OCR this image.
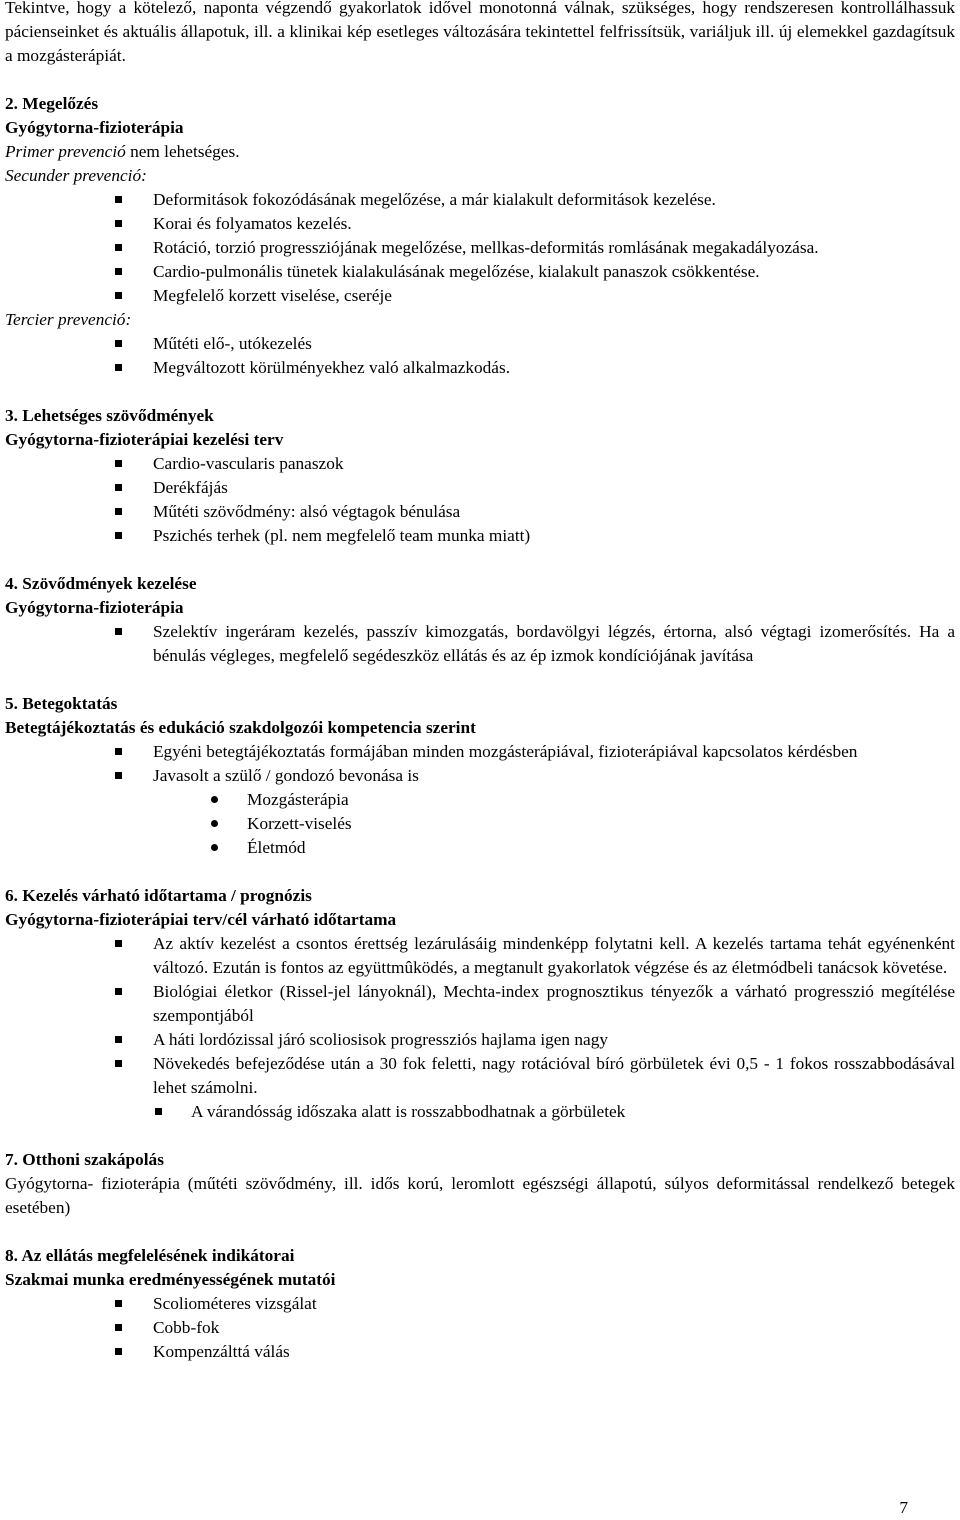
Tekintve, hogy a kötelező, naponta végzendő gyakorlatok idővel monotonná válnak, szükséges, hogy rendszeresen kontrollálhassuk pácienseinket és aktuális állapotuk, ill. a klinikai kép esetleges változására tekintettel felfrissítsük, variáljuk ill. új elemekkel gazdagítsuk a mozgásterápiát.

2. Megelőzés

Gyógytorna-fizioterápia

Primer prevenció nem lehetséges.

Secunder prevenció:

Deformitások fokozódásának megelőzése, a már kialakult deformitások kezelése.
Korai és folyamatos kezelés.
Rotáció, torzió progressziójának megelőzése, mellkas-deformitás romlásának megakadályozása.
Cardio-pulmonális tünetek kialakulásának megelőzése, kialakult panaszok csökkentése.
Megfelelő korzett viselése, cseréje

Tercier prevenció:

Műtéti elő-, utókezelés
Megváltozott körülményekhez való alkalmazkodás.

3. Lehetséges szövődmények

Gyógytorna-fizioterápiai kezelési terv

Cardio-vascularis panaszok
Derékfájás
Műtéti szövődmény: alsó végtagok bénulása
Pszichés terhek (pl. nem megfelelő team munka miatt)

4. Szövődmények kezelése

Gyógytorna-fizioterápia

Szelektív ingeráram kezelés, passzív kimozgatás, bordavölgyi légzés, értorna, alsó végtagi izomerősítés. Ha a bénulás végleges, megfelelő segédeszköz ellátás és az ép izmok kondíciójának javítása

5. Betegoktatás

Betegtájékoztatás és edukáció szakdolgozói kompetencia szerint

Egyéni betegtájékoztatás formájában minden mozgásterápiával, fizioterápiával kapcsolatos kérdésben
Javasolt a szülő / gondozó bevonása is
Mozgásterápia
Korzett-viselés
Életmód

6. Kezelés várható időtartama / prognózis

Gyógytorna-fizioterápiai terv/cél várható időtartama

Az aktív kezelést a csontos érettség lezárulásáig mindenképp folytatni kell. A kezelés tartama tehát egyénenként változó. Ezután is fontos az együttmûködés, a megtanult gyakorlatok végzése és az életmódbeli tanácsok követése.
Biológiai életkor (Rissel-jel lányoknál), Mechta-index prognosztikus tényezők a várható progresszió megítélése szempontjából
A háti lordózissal járó scoliosisok progressziós hajlama igen nagy
Növekedés befejeződése után a 30 fok feletti, nagy rotációval bíró görbületek évi 0,5 - 1 fokos rosszabbodásával lehet számolni.
A várandósság időszaka alatt is rosszabbodhatnak a görbületek

7. Otthoni szakápolás

Gyógytorna- fizioterápia (műtéti szövődmény, ill. idős korú, leromlott egészségi állapotú, súlyos deformitással rendelkező betegek esetében)

8. Az ellátás megfelelésének indikátorai

Szakmai munka eredményességének mutatói

Scoliométeres vizsgálat
Cobb-fok
Kompenzálttá válás
7
